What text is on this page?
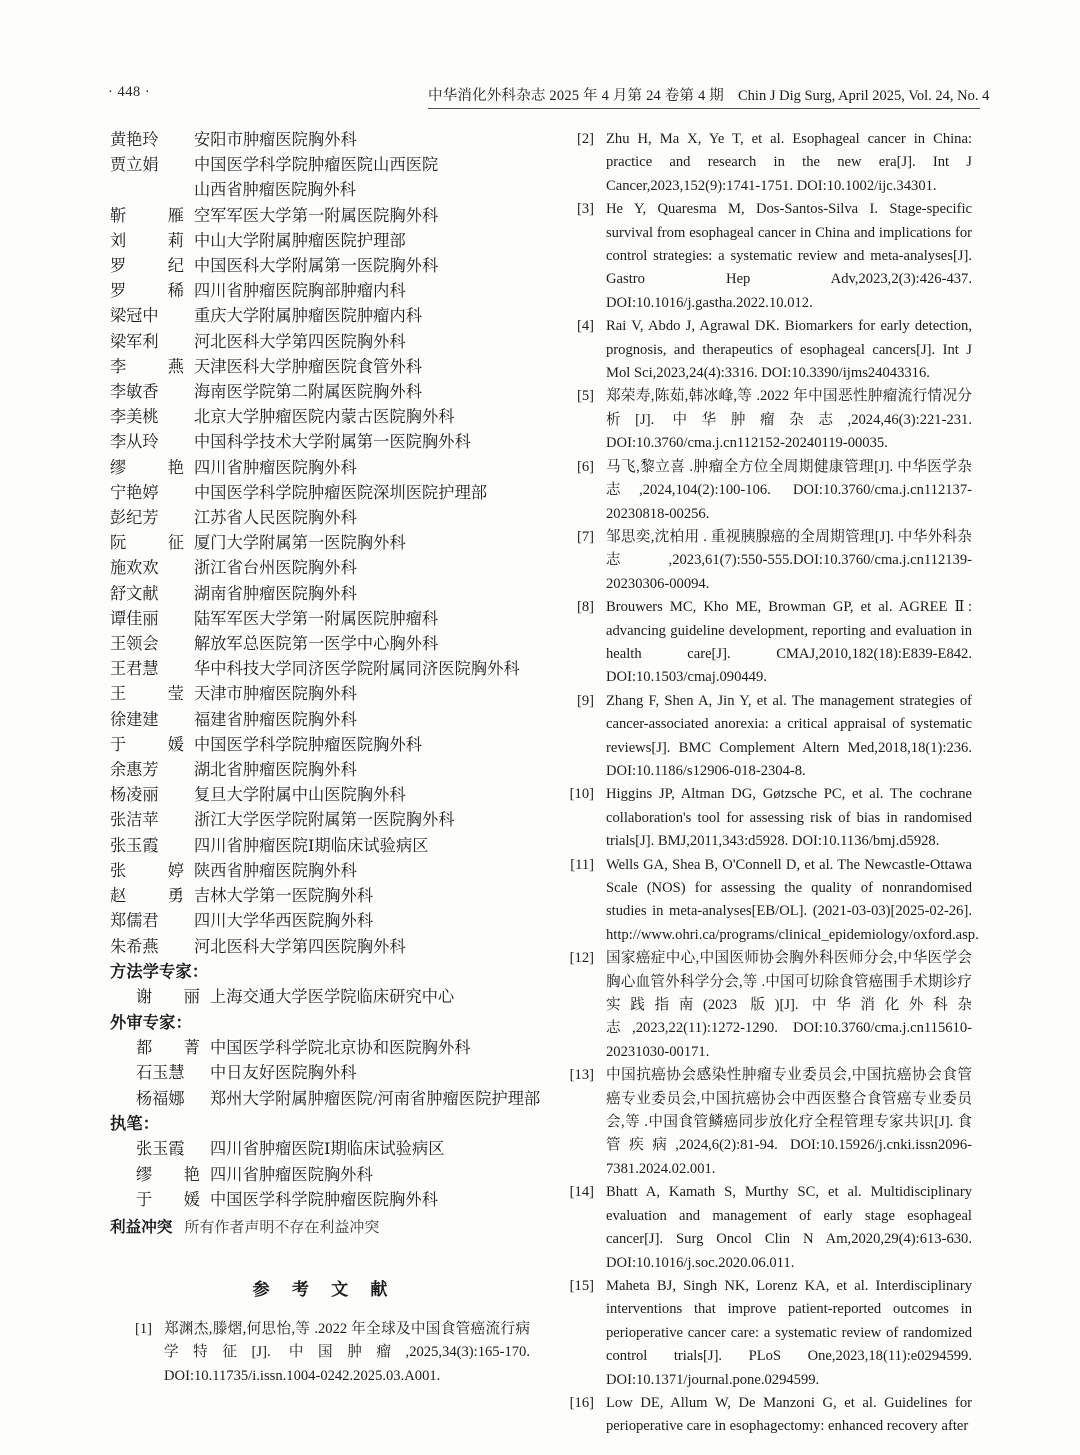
· 448 ·	中华消化外科杂志 2025 年 4 月第 24 卷第 4 期 Chin J Dig Surg, April 2025, Vol. 24, No. 4
黄艳玲	安阳市肿瘤医院胸外科
贾立娟	中国医学科学院肿瘤医院山西医院
山西省肿瘤医院胸外科
靳 雁 空军军医大学第一附属医院胸外科
刘 莉 中山大学附属肿瘤医院护理部
罗 纪 中国医科大学附属第一医院胸外科
罗 稀 四川省肿瘤医院胸部肿瘤内科
梁冠中	重庆大学附属肿瘤医院肿瘤内科
梁军利	河北医科大学第四医院胸外科
李 燕 天津医科大学肿瘤医院食管外科
李敏香	海南医学院第二附属医院胸外科
李美桃	北京大学肿瘤医院内蒙古医院胸外科
李从玲	中国科学技术大学附属第一医院胸外科
缪 艳 四川省肿瘤医院胸外科
宁艳婷	中国医学科学院肿瘤医院深圳医院护理部
彭纪芳	江苏省人民医院胸外科
阮 征 厦门大学附属第一医院胸外科
施欢欢	浙江省台州医院胸外科
舒文献	湖南省肿瘤医院胸外科
谭佳丽	陆军军医大学第一附属医院肿瘤科
王领会	解放军总医院第一医学中心胸外科
王君慧	华中科技大学同济医学院附属同济医院胸外科
王 莹 天津市肿瘤医院胸外科
徐建建	福建省肿瘤医院胸外科
于 媛 中国医学科学院肿瘤医院胸外科
余惠芳	湖北省肿瘤医院胸外科
杨凌丽	复旦大学附属中山医院胸外科
张洁苹	浙江大学医学院附属第一医院胸外科
张玉霞	四川省肿瘤医院Ⅰ期临床试验病区
张 婷 陕西省肿瘤医院胸外科
赵 勇 吉林大学第一医院胸外科
郑儒君	四川大学华西医院胸外科
朱希燕	河北医科大学第四医院胸外科
方法学专家：
谢 丽 上海交通大学医学院临床研究中心
外审专家：
都 菁 中国医学科学院北京协和医院胸外科
石玉慧	中日友好医院胸外科
杨福娜	郑州大学附属肿瘤医院/河南省肿瘤医院护理部
执笔：
张玉霞	四川省肿瘤医院Ⅰ期临床试验病区
缪 艳 四川省肿瘤医院胸外科
于 媛 中国医学科学院肿瘤医院胸外科
利益冲突 所有作者声明不存在利益冲突
参 考 文 献
[1] 郑渊杰,滕熠,何思怡,等 .2022 年全球及中国食管癌流行病学特征[J]. 中国肿瘤,2025,34(3):165-170. DOI:10.11735/i.issn.1004-0242.2025.03.A001.
[2] Zhu H, Ma X, Ye T, et al. Esophageal cancer in China: practice and research in the new era[J]. Int J Cancer,2023,152(9):1741-1751. DOI:10.1002/ijc.34301.
[3] He Y, Quaresma M, Dos-Santos-Silva I. Stage-specific survival from esophageal cancer in China and implications for control strategies: a systematic review and meta-analyses[J]. Gastro Hep Adv,2023,2(3):426-437. DOI:10.1016/j.gastha.2022.10.012.
[4] Rai V, Abdo J, Agrawal DK. Biomarkers for early detection, prognosis, and therapeutics of esophageal cancers[J]. Int J Mol Sci,2023,24(4):3316. DOI:10.3390/ijms24043316.
[5] 郑荣寿,陈茹,韩冰峰,等 .2022 年中国恶性肿瘤流行情况分析[J]. 中华肿瘤杂志,2024,46(3):221-231. DOI:10.3760/cma.j.cn112152-20240119-00035.
[6] 马飞,黎立喜 .肿瘤全方位全周期健康管理[J]. 中华医学杂志,2024,104(2):100-106. DOI:10.3760/cma.j.cn112137-20230818-00256.
[7] 邹思奕,沈柏用 . 重视胰腺癌的全周期管理[J]. 中华外科杂志,2023,61(7):550-555.DOI:10.3760/cma.j.cn112139-20230306-00094.
[8] Brouwers MC, Kho ME, Browman GP, et al. AGREE Ⅱ: advancing guideline development, reporting and evaluation in health care[J]. CMAJ,2010,182(18):E839-E842. DOI:10.1503/cmaj.090449.
[9] Zhang F, Shen A, Jin Y, et al. The management strategies of cancer-associated anorexia: a critical appraisal of systematic reviews[J]. BMC Complement Altern Med,2018,18(1):236. DOI:10.1186/s12906-018-2304-8.
[10] Higgins JP, Altman DG, Gøtzsche PC, et al. The cochrane collaboration's tool for assessing risk of bias in randomised trials[J]. BMJ,2011,343:d5928. DOI:10.1136/bmj.d5928.
[11] Wells GA, Shea B, O'Connell D, et al. The Newcastle-Ottawa Scale (NOS) for assessing the quality of nonrandomised studies in meta-analyses[EB/OL]. (2021-03-03)[2025-02-26]. http://www.ohri.ca/programs/clinical_epidemiology/oxford.asp.
[12] 国家癌症中心,中国医师协会胸外科医师分会,中华医学会胸心血管外科学分会,等 .中国可切除食管癌围手术期诊疗实践指南(2023 版)[J]. 中华消化外科杂志,2023,22(11):1272-1290. DOI:10.3760/cma.j.cn115610-20231030-00171.
[13] 中国抗癌协会感染性肿瘤专业委员会,中国抗癌协会食管癌专业委员会,中国抗癌协会中西医整合食管癌专业委员会,等 .中国食管鳞癌同步放化疗全程管理专家共识[J]. 食管疾病,2024,6(2):81-94. DOI:10.15926/j.cnki.issn2096-7381.2024.02.001.
[14] Bhatt A, Kamath S, Murthy SC, et al. Multidisciplinary evaluation and management of early stage esophageal cancer[J]. Surg Oncol Clin N Am,2020,29(4):613-630. DOI:10.1016/j.soc.2020.06.011.
[15] Maheta BJ, Singh NK, Lorenz KA, et al. Interdisciplinary interventions that improve patient-reported outcomes in perioperative cancer care: a systematic review of randomized control trials[J]. PLoS One,2023,18(11):e0294599. DOI:10.1371/journal.pone.0294599.
[16] Low DE, Allum W, De Manzoni G, et al. Guidelines for perioperative care in esophagectomy: enhanced recovery after
